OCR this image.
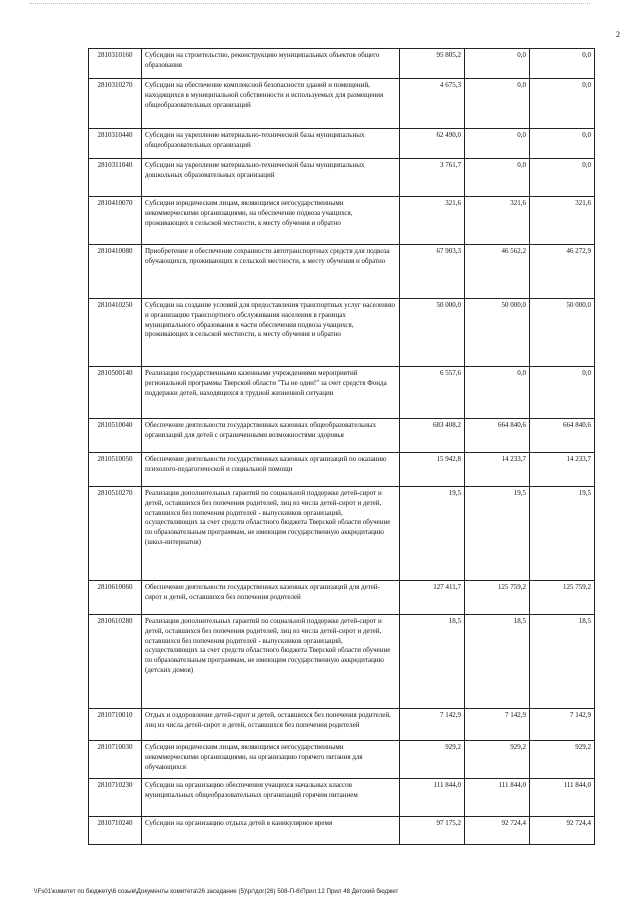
2
2810310160	Субсидии на строительство, реконструкцию муниципальных объектов общего образования	95 805,2	0,0	0,0
2810310270	Субсидии на обеспечение комплексной безопасности зданий и помещений, находящихся в муниципальной собственности и используемых для размещения общеобразовательных организаций	4 675,3	0,0	0,0
2810310440	Субсидии на укрепление материально-технической базы муниципальных общеобразовательных организаций	62 490,0	0,0	0,0
2810311040	Субсидии на укрепление материально-технической базы муниципальных дошкольных образовательных организаций	3 761,7	0,0	0,0
2810410070	Субсидии юридическим лицам, являющимся негосударственными некоммерческими организациями, на обеспечение подвоза учащихся, проживающих в сельской местности, к месту обучения и обратно	321,6	321,6	321,6
2810410080	Приобретение и обеспечение сохранности автотранспортных средств для подвоза обучающихся, проживающих в сельской местности, к месту обучения и обратно	67 903,3	46 562,2	46 272,9
2810410250	Субсидии на создание условий для предоставления транспортных услуг населению и организацию транспортного обслуживания населения в границах муниципального образования в части обеспечения подвоза учащихся, проживающих в сельской местности, к месту обучения и обратно	50 000,0	50 000,0	50 000,0
2810500140	Реализация государственными казенными учреждениями мероприятий региональной программы Тверской области "Ты не один!" за счет средств Фонда поддержки детей, находящихся в трудной жизненной ситуации	6 557,6	0,0	0,0
2810510040	Обеспечение деятельности государственных казенных общеобразовательных организаций для детей с ограниченными возможностями здоровья	683 408,2	664 840,6	664 840,6
2810510050	Обеспечение деятельности государственных казенных организаций по оказанию психолого-педагогической и социальной помощи	15 942,8	14 233,7	14 233,7
2810510270	Реализация дополнительных гарантий по социальной поддержке детей-сирот и детей, оставшихся без попечения родителей, лиц из числа детей-сирот и детей, оставшихся без попечения родителей - выпускников организаций, осуществляющих за счет средств областного бюджета Тверской области обучение по образовательным программам, не имеющим государственную аккредитацию (школ-интернатов)	19,5	19,5	19,5
2810610060	Обеспечение деятельности государственных казенных организаций для детей-сирот и детей, оставшихся без попечения родителей	127 411,7	125 759,2	125 759,2
2810610280	Реализация дополнительных гарантий по социальной поддержке детей-сирот и детей, оставшихся без попечения родителей, лиц из числа детей-сирот и детей, оставшихся без попечения родителей - выпускников организаций, осуществляющих за счет средств областного бюджета Тверской области обучение по образовательным программам, не имеющим государственную аккредитацию (детских домов)	18,5	18,5	18,5
2810710010	Отдых и оздоровление детей-сирот и детей, оставшихся без попечения родителей, лиц из числа детей-сирот и детей, оставшихся без попечения родителей	7 142,9	7 142,9	7 142,9
2810710030	Субсидии юридическим лицам, являющимся негосударственными некоммерческими организациями, на организацию горячего питания для обучающихся	929,2	929,2	929,2
2810710230	Субсидии на организацию обеспечения учащихся начальных классов муниципальных общеобразовательных организаций горячим питанием	111 844,0	111 844,0	111 844,0
2810710240	Субсидии на организацию отдыха детей в каникулярное время	97 175,2	92 724,4	92 724,4
\\Fs01\комитет по бюджету\6 созыв\Документы комитета\26 заседание (5)\рг\дог(26) 508-П-6\Прил 12 Прил 48 Детский бюджет
